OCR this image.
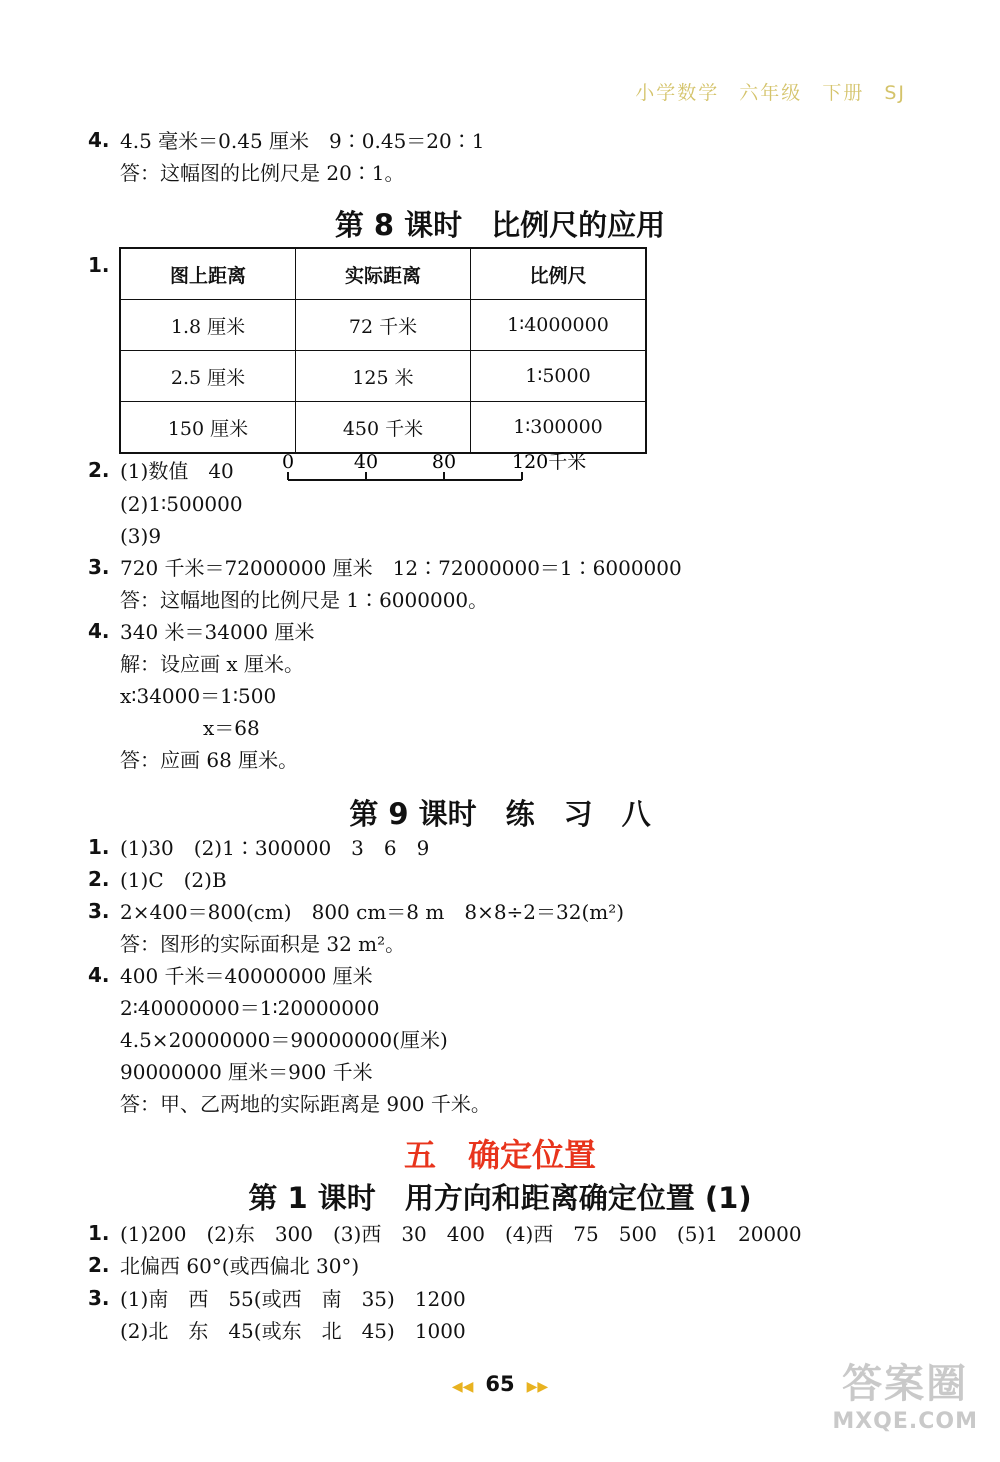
小学数学 六年级 下册 SJ
4. 4.5 毫米＝0.45 厘米　9∶0.45＝20∶1
答：这幅图的比例尺是 20∶1。
第 8 课时　比例尺的应用
1.	图上距离	实际距离	比例尺
1.8 厘米	72 千米	1∶4000000
2.5 厘米	125 米	1∶5000
150 厘米	450 千米	1∶300000
2. (1)数值　40	0	40	80	120千米
(2)1∶500000
(3)9
3. 720 千米＝72000000 厘米　12∶72000000＝1∶6000000
答：这幅地图的比例尺是 1∶6000000。
4. 340 米＝34000 厘米
解：设应画 x 厘米。
x∶34000＝1∶500
x＝68
答：应画 68 厘米。
第 9 课时　练　习　八
1. (1)30　(2)1∶300000　3　6　9
2. (1)C　(2)B
3. 2×400＝800(cm)　800 cm＝8 m　8×8÷2＝32(m²)
答：图形的实际面积是 32 m²。
4. 400 千米＝40000000 厘米
2∶40000000＝1∶20000000
4.5×20000000＝90000000(厘米)
90000000 厘米＝900 千米
答：甲、乙两地的实际距离是 900 千米。
五　确定位置
第 1 课时　用方向和距离确定位置 (1)
1. (1)200　(2)东　300　(3)西　30　400　(4)西　75　500　(5)1　20000
2. 北偏西 60°(或西偏北 30°)
3. (1)南　西　55(或西　南　35)　1200
(2)北　东　45(或东　北　45)　1000
◀◀ 65 ▶▶	答案圈
MXQE.COM
